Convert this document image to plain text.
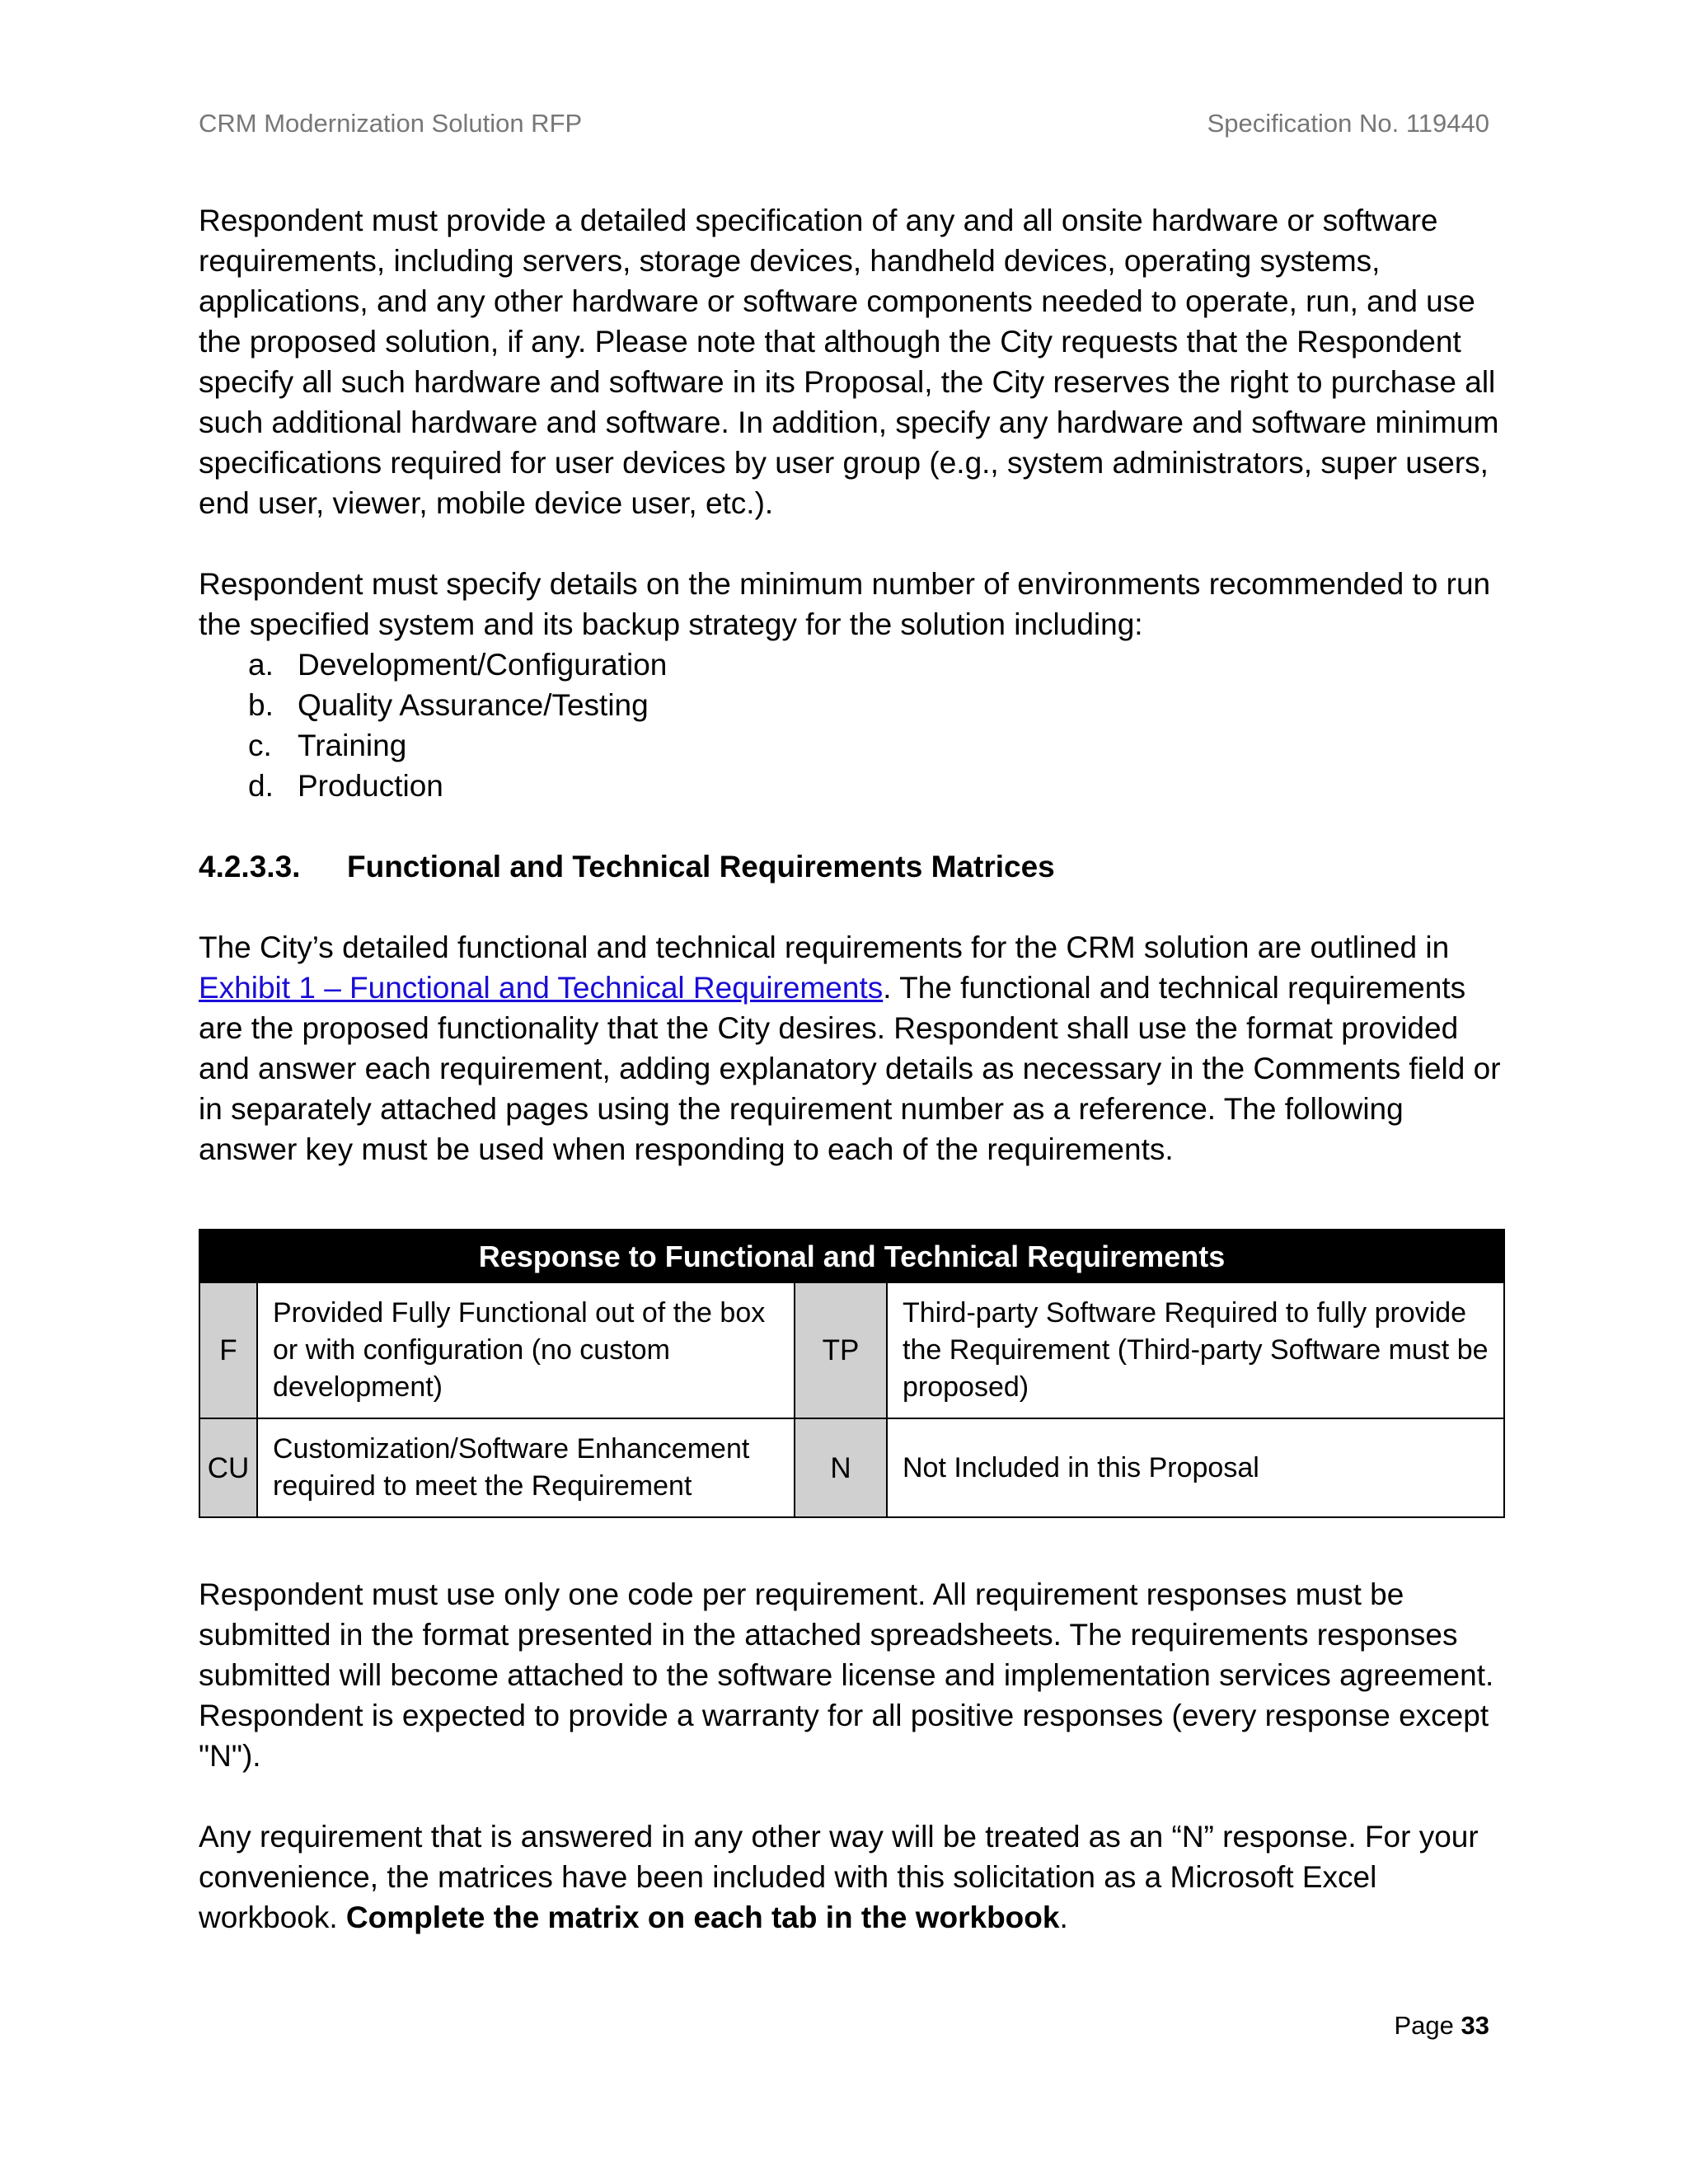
CRM Modernization Solution RFP	Specification No. 119440

Respondent must provide a detailed specification of any and all onsite hardware or software requirements, including servers, storage devices, handheld devices, operating systems, applications, and any other hardware or software components needed to operate, run, and use the proposed solution, if any. Please note that although the City requests that the Respondent specify all such hardware and software in its Proposal, the City reserves the right to purchase all such additional hardware and software. In addition, specify any hardware and software minimum specifications required for user devices by user group (e.g., system administrators, super users, end user, viewer, mobile device user, etc.).

Respondent must specify details on the minimum number of environments recommended to run the specified system and its backup strategy for the solution including:

a. Development/Configuration
b. Quality Assurance/Testing
c. Training
d. Production

4.2.3.3. Functional and Technical Requirements Matrices

The City’s detailed functional and technical requirements for the CRM solution are outlined in Exhibit 1 – Functional and Technical Requirements. The functional and technical requirements are the proposed functionality that the City desires. Respondent shall use the format provided and answer each requirement, adding explanatory details as necessary in the Comments field or in separately attached pages using the requirement number as a reference. The following answer key must be used when responding to each of the requirements.

Response to Functional and Technical Requirements			
F	Provided Fully Functional out of the box or with configuration (no custom development)	TP	Third-party Software Required to fully provide the Requirement (Third-party Software must be proposed)
CU	Customization/Software Enhancement required to meet the Requirement	N	Not Included in this Proposal

Respondent must use only one code per requirement. All requirement responses must be submitted in the format presented in the attached spreadsheets. The requirements responses submitted will become attached to the software license and implementation services agreement. Respondent is expected to provide a warranty for all positive responses (every response except "N").

Any requirement that is answered in any other way will be treated as an “N” response. For your convenience, the matrices have been included with this solicitation as a Microsoft Excel workbook. Complete the matrix on each tab in the workbook.

Page 33
